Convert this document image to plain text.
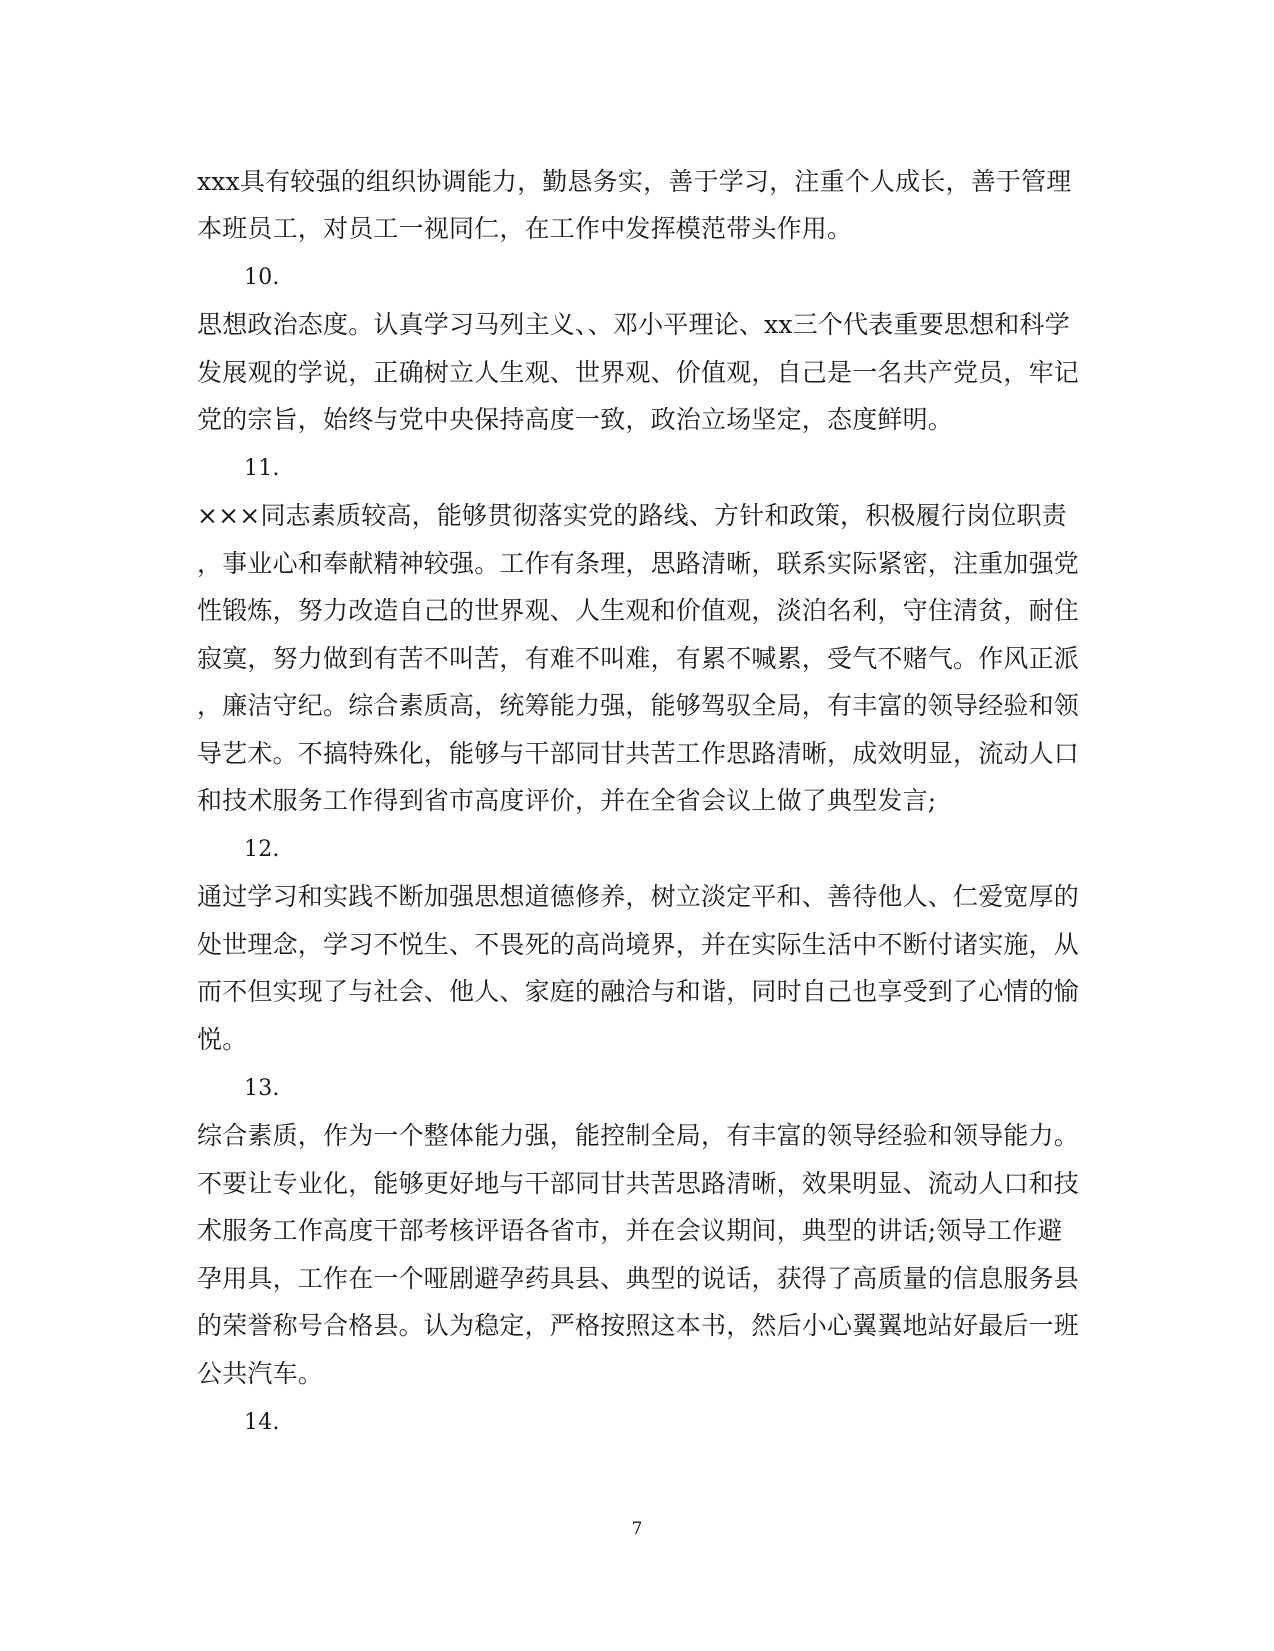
xxx具有较强的组织协调能力，勤恳务实，善于学习，注重个人成长，善于管理
本班员工，对员工一视同仁，在工作中发挥模范带头作用。
10.
思想政治态度。认真学习马列主义、、邓小平理论、xx三个代表重要思想和科学
发展观的学说，正确树立人生观、世界观、价值观，自己是一名共产党员，牢记
党的宗旨，始终与党中央保持高度一致，政治立场坚定，态度鲜明。
11.
×××同志素质较高，能够贯彻落实党的路线、方针和政策，积极履行岗位职责
，事业心和奉献精神较强。工作有条理，思路清晰，联系实际紧密，注重加强党
性锻炼，努力改造自己的世界观、人生观和价值观，淡泊名利，守住清贫，耐住
寂寞，努力做到有苦不叫苦，有难不叫难，有累不喊累，受气不赌气。作风正派
，廉洁守纪。综合素质高，统筹能力强，能够驾驭全局，有丰富的领导经验和领
导艺术。不搞特殊化，能够与干部同甘共苦工作思路清晰，成效明显，流动人口
和技术服务工作得到省市高度评价，并在全省会议上做了典型发言;
12.
通过学习和实践不断加强思想道德修养，树立淡定平和、善待他人、仁爱宽厚的
处世理念，学习不悦生、不畏死的高尚境界，并在实际生活中不断付诸实施，从
而不但实现了与社会、他人、家庭的融洽与和谐，同时自己也享受到了心情的愉
悦。
13.
综合素质，作为一个整体能力强，能控制全局，有丰富的领导经验和领导能力。
不要让专业化，能够更好地与干部同甘共苦思路清晰，效果明显、流动人口和技
术服务工作高度干部考核评语各省市，并在会议期间，典型的讲话;领导工作避
孕用具，工作在一个哑剧避孕药具县、典型的说话，获得了高质量的信息服务县
的荣誉称号合格县。认为稳定，严格按照这本书，然后小心翼翼地站好最后一班
公共汽车。
14.
7
